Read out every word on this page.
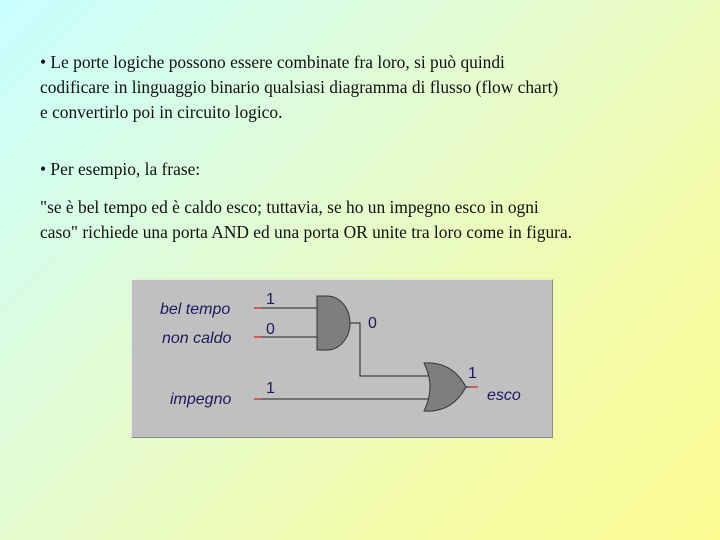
• Le porte logiche possono essere combinate fra loro, si può quindi
codificare in linguaggio binario qualsiasi diagramma di flusso (flow chart)
e convertirlo poi in circuito logico.

• Per esempio, la frase:

"se è bel tempo ed è caldo esco; tuttavia, se ho un impegno esco in ogni
caso" richiede una porta AND ed una porta OR unite tra loro come in figura.

bel tempo
non caldo
impegno
1
0
1
0
1
esco
